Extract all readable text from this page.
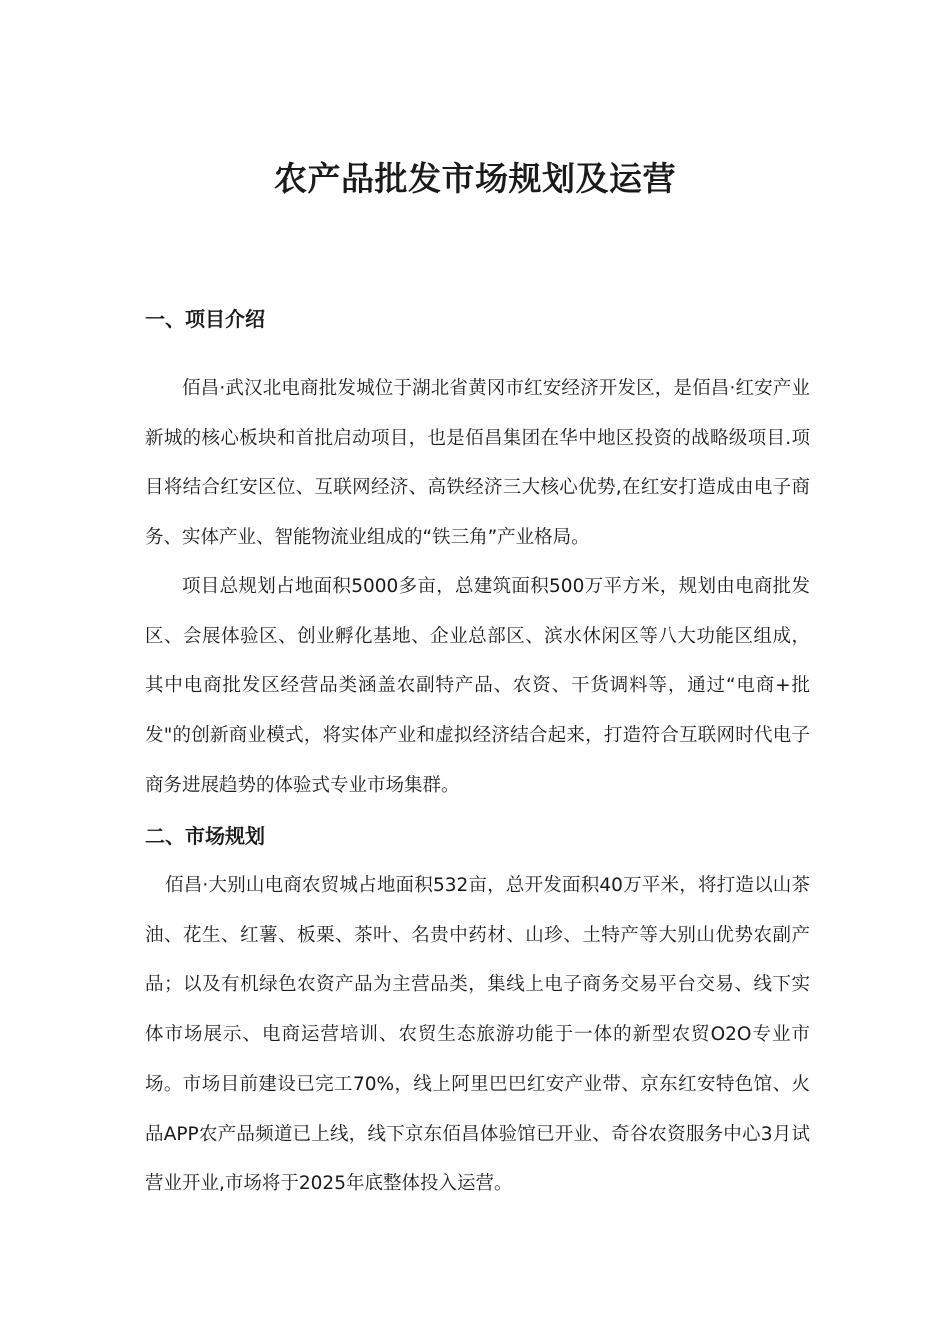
农产品批发市场规划及运营
一、项目介绍

佰昌·武汉北电商批发城位于湖北省黄冈市红安经济开发区，是佰昌·红安产业新城的核心板块和首批启动项目，也是佰昌集团在华中地区投资的战略级项目.项目将结合红安区位、互联网经济、高铁经济三大核心优势,在红安打造成由电子商务、实体产业、智能物流业组成的“铁三角”产业格局。

项目总规划占地面积5000多亩，总建筑面积500万平方米，规划由电商批发区、会展体验区、创业孵化基地、企业总部区、滨水休闲区等八大功能区组成，其中电商批发区经营品类涵盖农副特产品、农资、干货调料等，通过“电商+批发"的创新商业模式，将实体产业和虚拟经济结合起来，打造符合互联网时代电子商务进展趋势的体验式专业市场集群。

二、市场规划

佰昌·大别山电商农贸城占地面积532亩，总开发面积40万平米，将打造以山茶油、花生、红薯、板栗、茶叶、名贵中药材、山珍、土特产等大别山优势农副产品；以及有机绿色农资产品为主营品类，集线上电子商务交易平台交易、线下实体市场展示、电商运营培训、农贸生态旅游功能于一体的新型农贸O2O专业市场。市场目前建设已完工70%，线上阿里巴巴红安产业带、京东红安特色馆、火品APP农产品频道已上线，线下京东佰昌体验馆已开业、奇谷农资服务中心3月试营业开业,市场将于2025年底整体投入运营。
